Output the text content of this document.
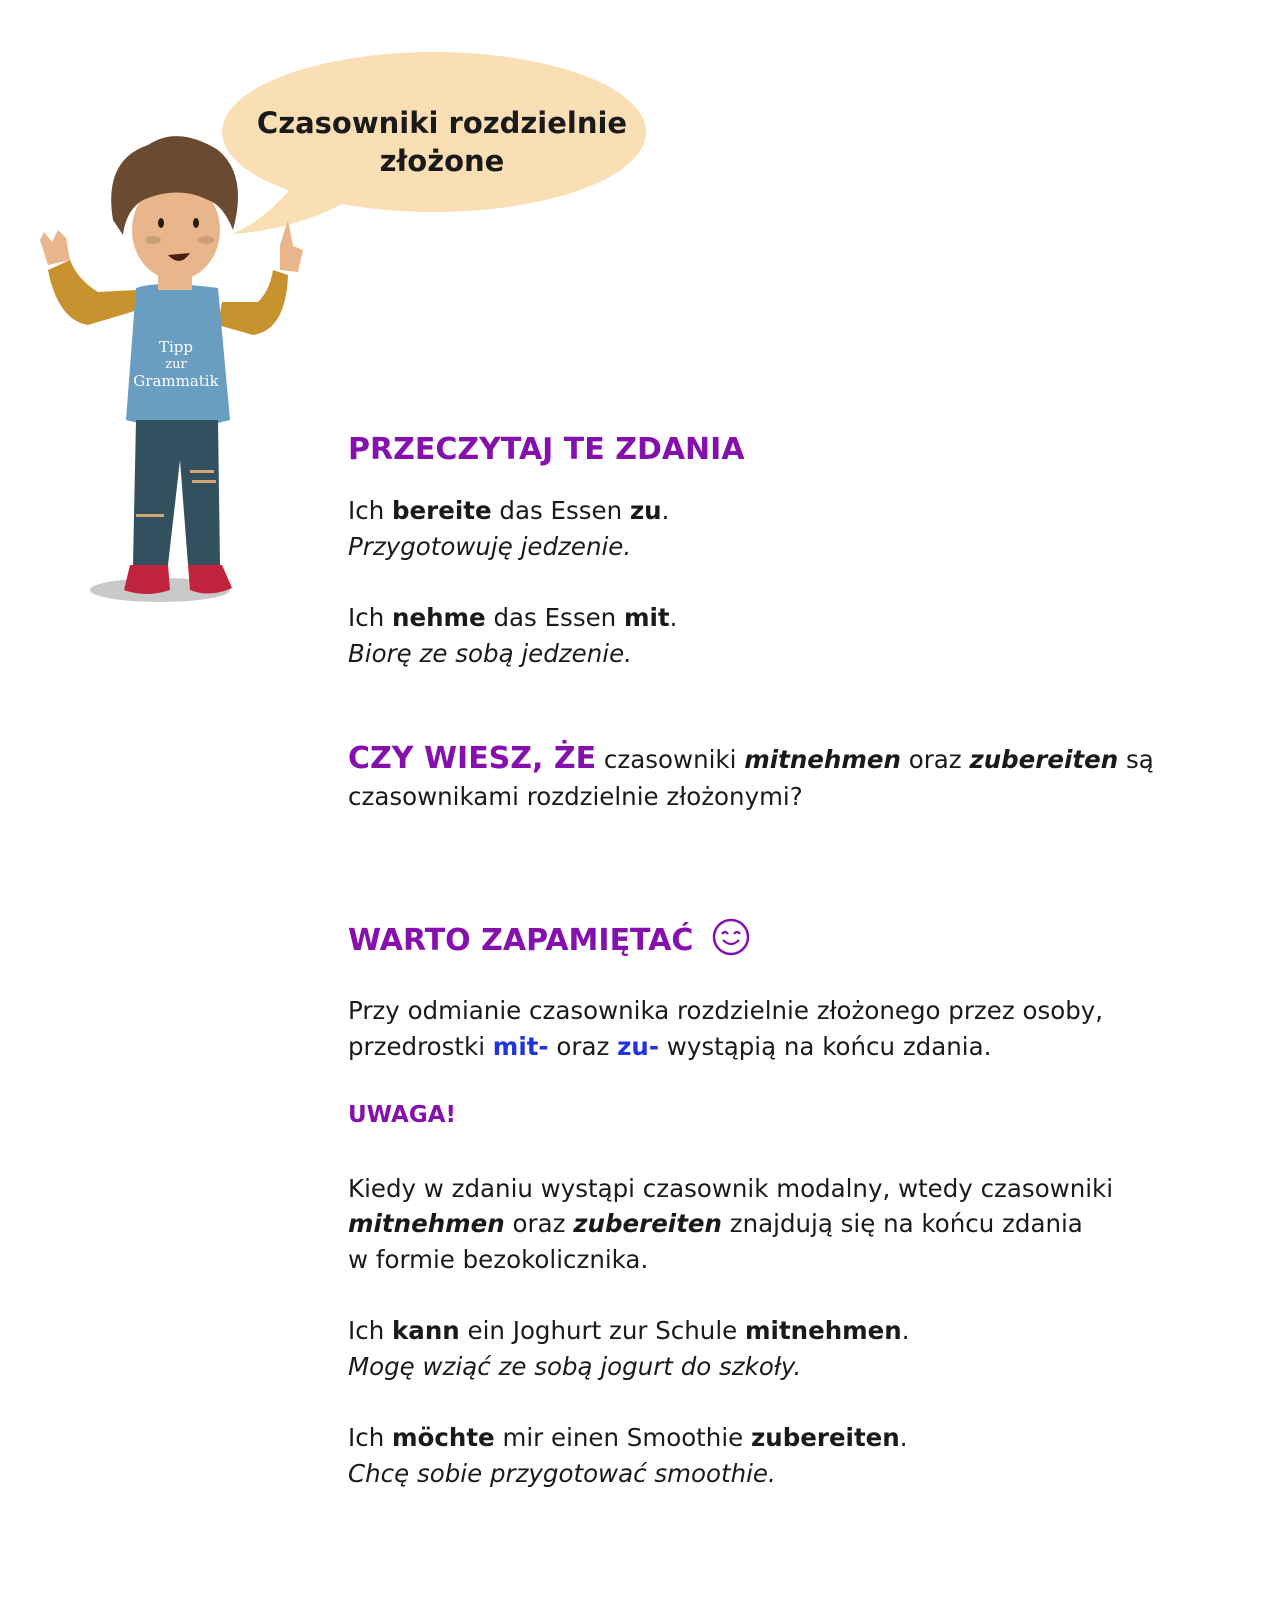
Czasowniki rozdzielnie
złożone
Tipp
zur
Grammatik
PRZECZYTAJ TE ZDANIA
Ich bereite das Essen zu.
Przygotowuję jedzenie.
Ich nehme das Essen mit.
Biorę ze sobą jedzenie.
CZY WIESZ, ŻE czasowniki mitnehmen oraz zubereiten są
czasownikami rozdzielnie złożonymi?
WARTO ZAPAMIĘTAĆ
Przy odmianie czasownika rozdzielnie złożonego przez osoby,
przedrostki mit- oraz zu- wystąpią na końcu zdania.
UWAGA!
Kiedy w zdaniu wystąpi czasownik modalny, wtedy czasowniki
mitnehmen oraz zubereiten znajdują się na końcu zdania
w formie bezokolicznika.
Ich kann ein Joghurt zur Schule mitnehmen.
Mogę wziąć ze sobą jogurt do szkoły.
Ich möchte mir einen Smoothie zubereiten.
Chcę sobie przygotować smoothie.
